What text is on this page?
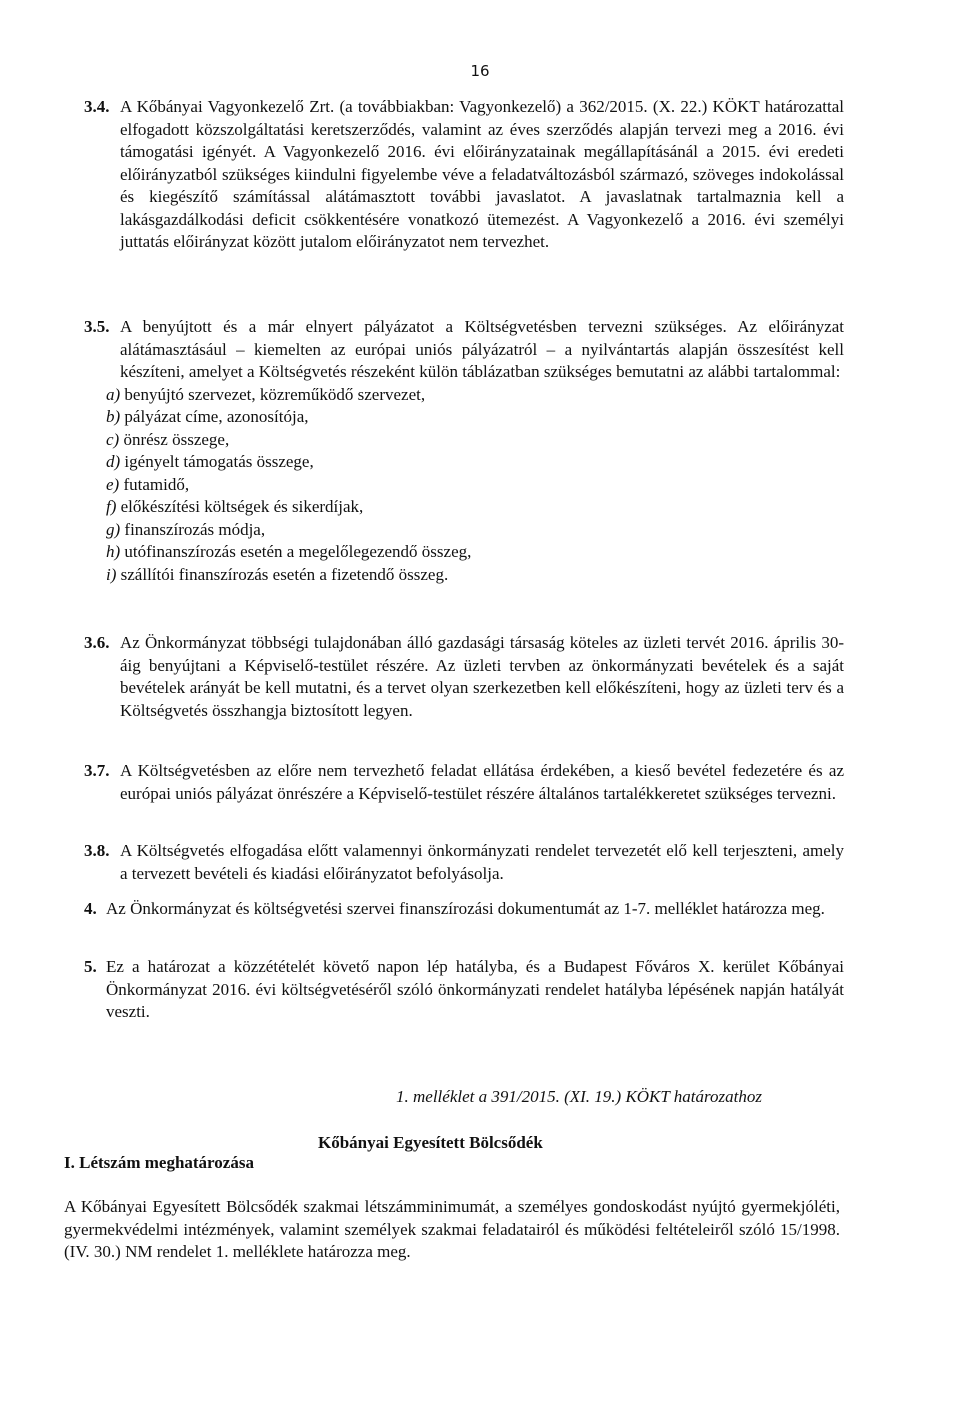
16
3.4. A Kőbányai Vagyonkezelő Zrt. (a továbbiakban: Vagyonkezelő) a 362/2015. (X. 22.) KÖKT határozattal elfogadott közszolgáltatási keretszerződés, valamint az éves szerződés alapján tervezi meg a 2016. évi támogatási igényét. A Vagyonkezelő 2016. évi előirányzatainak megállapításánál a 2015. évi eredeti előirányzatból szükséges kiindulni figyelembe véve a feladatváltozásból származó, szöveges indokolással és kiegészítő számítással alátámasztott további javaslatot. A javaslatnak tartalmaznia kell a lakásgazdálkodási deficit csökkentésére vonatkozó ütemezést. A Vagyonkezelő a 2016. évi személyi juttatás előirányzat között jutalom előirányzatot nem tervezhet.
3.5. A benyújtott és a már elnyert pályázatot a Költségvetésben tervezni szükséges. Az előirányzat alátámasztásául – kiemelten az európai uniós pályázatról – a nyilvántartás alapján összesítést kell készíteni, amelyet a Költségvetés részeként külön táblázatban szükséges bemutatni az alábbi tartalommal:
a) benyújtó szervezet, közreműködő szervezet,
b) pályázat címe, azonosítója,
c) önrész összege,
d) igényelt támogatás összege,
e) futamidő,
f) előkészítési költségek és sikerdíjak,
g) finanszírozás módja,
h) utófinanszírozás esetén a megelőlegezendő összeg,
i) szállítói finanszírozás esetén a fizetendő összeg.
3.6. Az Önkormányzat többségi tulajdonában álló gazdasági társaság köteles az üzleti tervét 2016. április 30-áig benyújtani a Képviselő-testület részére. Az üzleti tervben az önkormányzati bevételek és a saját bevételek arányát be kell mutatni, és a tervet olyan szerkezetben kell előkészíteni, hogy az üzleti terv és a Költségvetés összhangja biztosított legyen.
3.7. A Költségvetésben az előre nem tervezhető feladat ellátása érdekében, a kieső bevétel fedezetére és az európai uniós pályázat önrészére a Képviselő-testület részére általános tartalékkeretet szükséges tervezni.
3.8. A Költségvetés elfogadása előtt valamennyi önkormányzati rendelet tervezetét elő kell terjeszteni, amely a tervezett bevételi és kiadási előirányzatot befolyásolja.
4. Az Önkormányzat és költségvetési szervei finanszírozási dokumentumát az 1-7. melléklet határozza meg.
5. Ez a határozat a közzétételét követő napon lép hatályba, és a Budapest Főváros X. kerület Kőbányai Önkormányzat 2016. évi költségvetéséről szóló önkormányzati rendelet hatályba lépésének napján hatályát veszti.
1. melléklet a 391/2015. (XI. 19.) KÖKT határozathoz
Kőbányai Egyesített Bölcsődék
I. Létszám meghatározása
A Kőbányai Egyesített Bölcsődék szakmai létszámminimumát, a személyes gondoskodást nyújtó gyermekjóléti, gyermekvédelmi intézmények, valamint személyek szakmai feladatairól és működési feltételeiről szóló 15/1998. (IV. 30.) NM rendelet 1. melléklete határozza meg.
